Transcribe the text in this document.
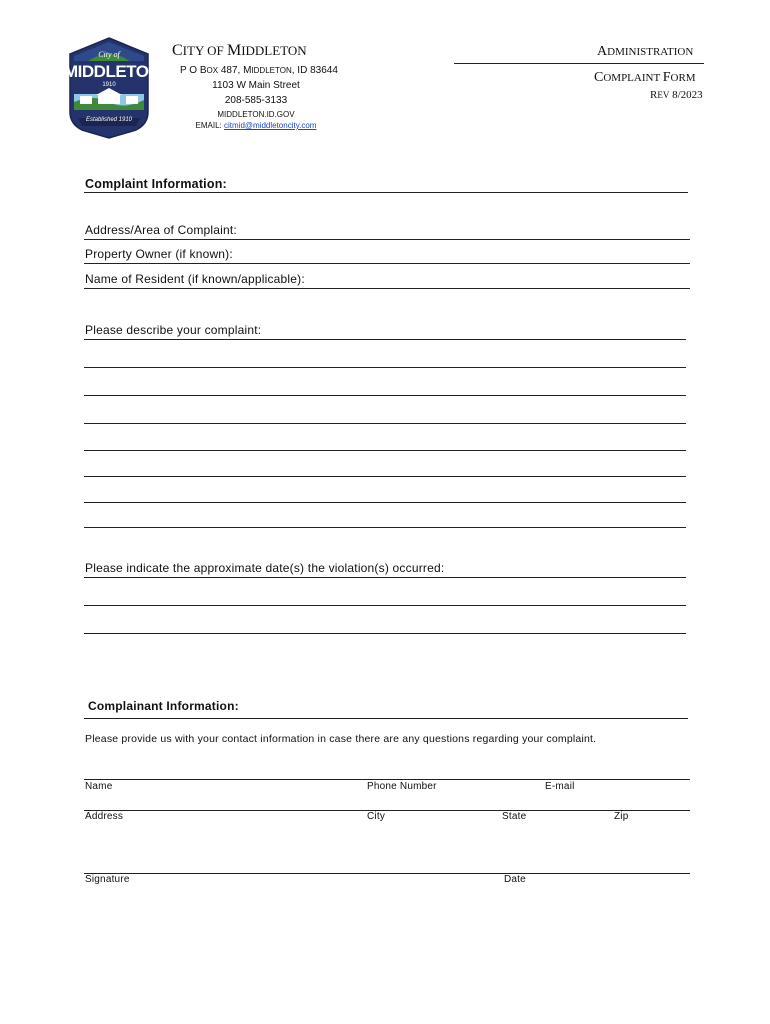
City of
MIDDLETON
1910
Established 1910
CITY OF MIDDLETON
P O BOX 487, MIDDLETON, ID 83644
1103 W Main Street
208-585-3133
MIDDLETON.ID.GOV
EMAIL: citmid@middletoncity.com
ADMINISTRATION
COMPLAINT FORM
REV 8/2023
Complaint Information:
Address/Area of Complaint:
Property Owner (if known):
Name of Resident (if known/applicable):
Please describe your complaint:
Please indicate the approximate date(s) the violation(s) occurred:
Complainant Information:
Please provide us with your contact information in case there are any questions regarding your complaint.
Name	Phone Number	E-mail
Address	City	State	Zip
Signature	Date
